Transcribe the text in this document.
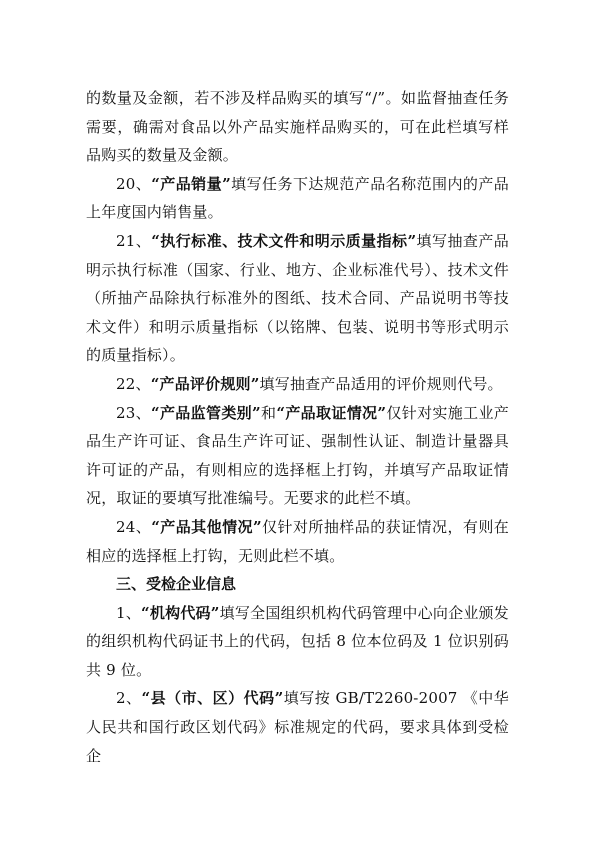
的数量及金额，若不涉及样品购买的填写“/”。如监督抽查任务需要，确需对食品以外产品实施样品购买的，可在此栏填写样品购买的数量及金额。

20、“产品销量”填写任务下达规范产品名称范围内的产品上年度国内销售量。

21、“执行标准、技术文件和明示质量指标”填写抽查产品明示执行标准（国家、行业、地方、企业标准代号）、技术文件（所抽产品除执行标准外的图纸、技术合同、产品说明书等技术文件）和明示质量指标（以铭牌、包装、说明书等形式明示的质量指标）。

22、“产品评价规则”填写抽查产品适用的评价规则代号。

23、“产品监管类别”和“产品取证情况”仅针对实施工业产品生产许可证、食品生产许可证、强制性认证、制造计量器具许可证的产品，有则相应的选择框上打钩，并填写产品取证情况，取证的要填写批准编号。无要求的此栏不填。

24、“产品其他情况”仅针对所抽样品的获证情况，有则在相应的选择框上打钩，无则此栏不填。

三、受检企业信息

1、“机构代码”填写全国组织机构代码管理中心向企业颁发的组织机构代码证书上的代码，包括 8 位本位码及 1 位识别码共 9 位。

2、“县（市、区）代码”填写按 GB/T2260-2007 《中华人民共和国行政区划代码》标准规定的代码，要求具体到受检企
